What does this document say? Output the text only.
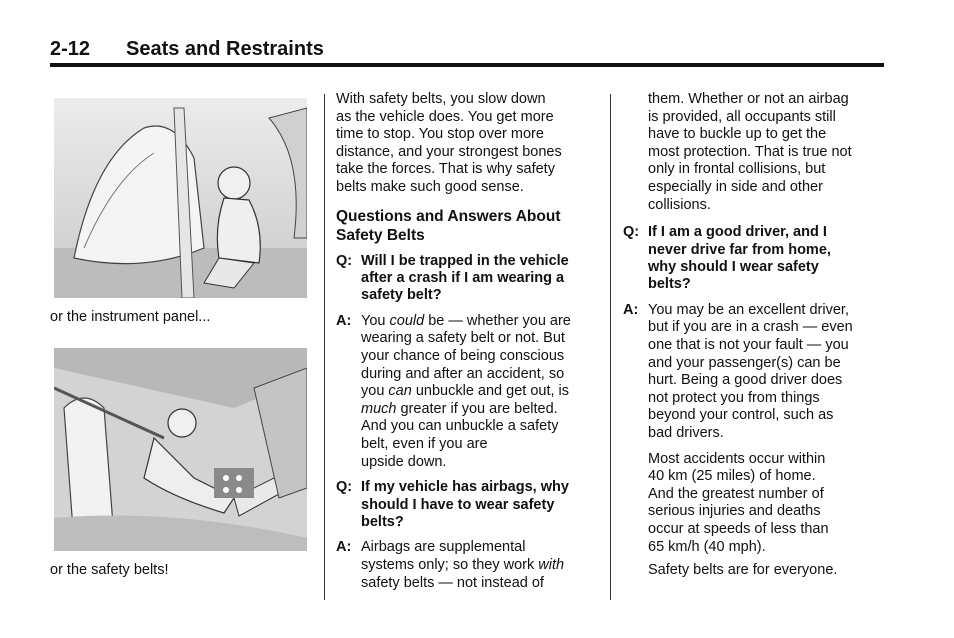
2-12 Seats and Restraints
or the instrument panel...
or the safety belts!

With safety belts, you slow down
as the vehicle does. You get more
time to stop. You stop over more
distance, and your strongest bones
take the forces. That is why safety
belts make such good sense.

Questions and Answers About
Safety Belts
Q: Will I be trapped in the vehicle
after a crash if I am wearing a
safety belt?
A: You could be — whether you are
wearing a safety belt or not. But
your chance of being conscious
during and after an accident, so
you can unbuckle and get out, is
much greater if you are belted.
And you can unbuckle a safety
belt, even if you are
upside down.
Q: If my vehicle has airbags, why
should I have to wear safety
belts?
A: Airbags are supplemental
systems only; so they work with
safety belts — not instead of
them. Whether or not an airbag
is provided, all occupants still
have to buckle up to get the
most protection. That is true not
only in frontal collisions, but
especially in side and other
collisions.
Q: If I am a good driver, and I
never drive far from home,
why should I wear safety
belts?
A: You may be an excellent driver,
but if you are in a crash — even
one that is not your fault — you
and your passenger(s) can be
hurt. Being a good driver does
not protect you from things
beyond your control, such as
bad drivers.
Most accidents occur within
40 km (25 miles) of home.
And the greatest number of
serious injuries and deaths
occur at speeds of less than
65 km/h (40 mph).
Safety belts are for everyone.
